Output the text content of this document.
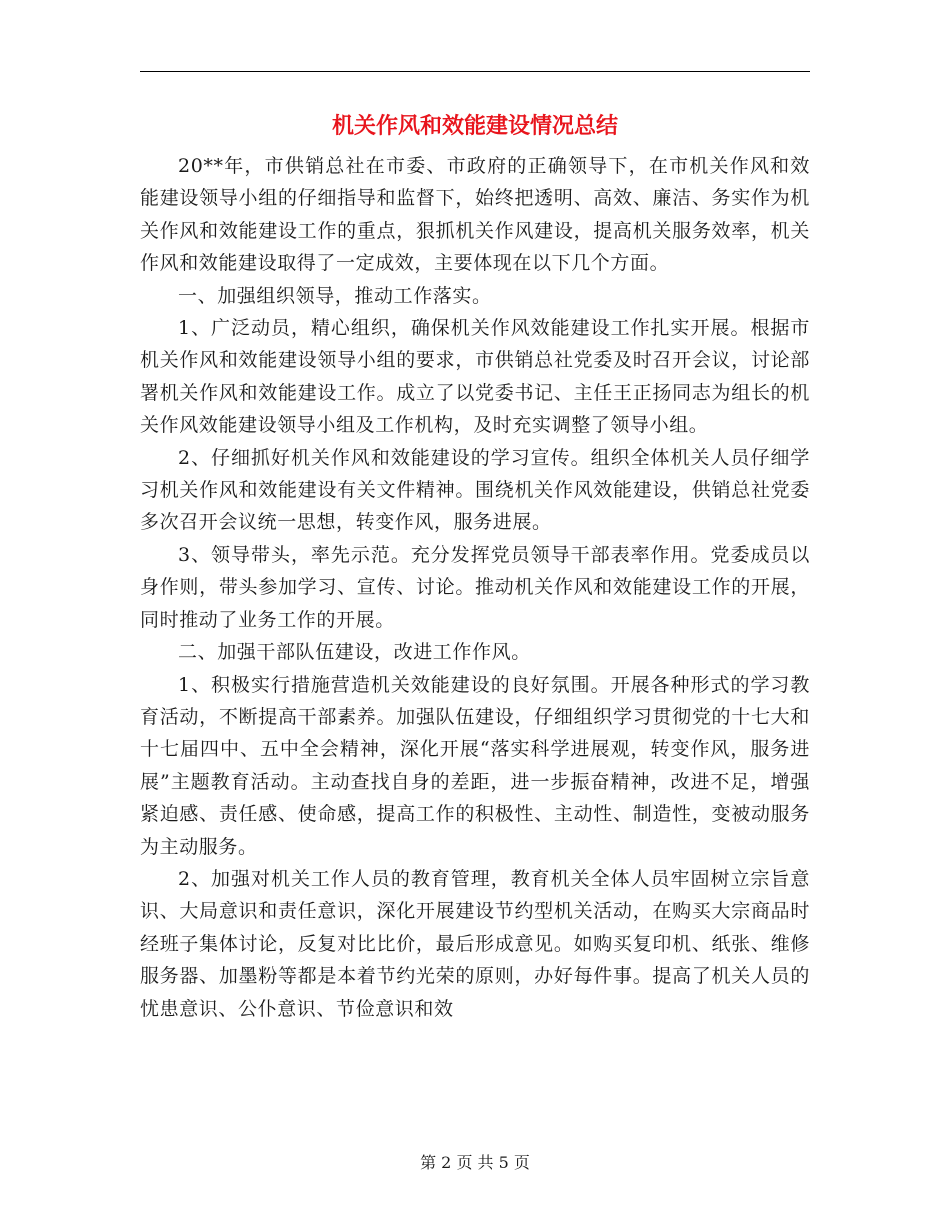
机关作风和效能建设情况总结

20**年，市供销总社在市委、市政府的正确领导下，在市机关作风和效能建设领导小组的仔细指导和监督下，始终把透明、高效、廉洁、务实作为机关作风和效能建设工作的重点，狠抓机关作风建设，提高机关服务效率，机关作风和效能建设取得了一定成效，主要体现在以下几个方面。

一、加强组织领导，推动工作落实。

1、广泛动员，精心组织，确保机关作风效能建设工作扎实开展。根据市机关作风和效能建设领导小组的要求，市供销总社党委及时召开会议，讨论部署机关作风和效能建设工作。成立了以党委书记、主任王正扬同志为组长的机关作风效能建设领导小组及工作机构，及时充实调整了领导小组。

2、仔细抓好机关作风和效能建设的学习宣传。组织全体机关人员仔细学习机关作风和效能建设有关文件精神。围绕机关作风效能建设，供销总社党委多次召开会议统一思想，转变作风，服务进展。

3、领导带头，率先示范。充分发挥党员领导干部表率作用。党委成员以身作则，带头参加学习、宣传、讨论。推动机关作风和效能建设工作的开展，同时推动了业务工作的开展。

二、加强干部队伍建设，改进工作作风。

1、积极实行措施营造机关效能建设的良好氛围。开展各种形式的学习教育活动，不断提高干部素养。加强队伍建设，仔细组织学习贯彻党的十七大和十七届四中、五中全会精神，深化开展“落实科学进展观，转变作风，服务进展”主题教育活动。主动查找自身的差距，进一步振奋精神，改进不足，增强紧迫感、责任感、使命感，提高工作的积极性、主动性、制造性，变被动服务为主动服务。

2、加强对机关工作人员的教育管理，教育机关全体人员牢固树立宗旨意识、大局意识和责任意识，深化开展建设节约型机关活动，在购买大宗商品时经班子集体讨论，反复对比比价，最后形成意见。如购买复印机、纸张、维修服务器、加墨粉等都是本着节约光荣的原则，办好每件事。提高了机关人员的忧患意识、公仆意识、节俭意识和效

第 2 页 共 5 页
